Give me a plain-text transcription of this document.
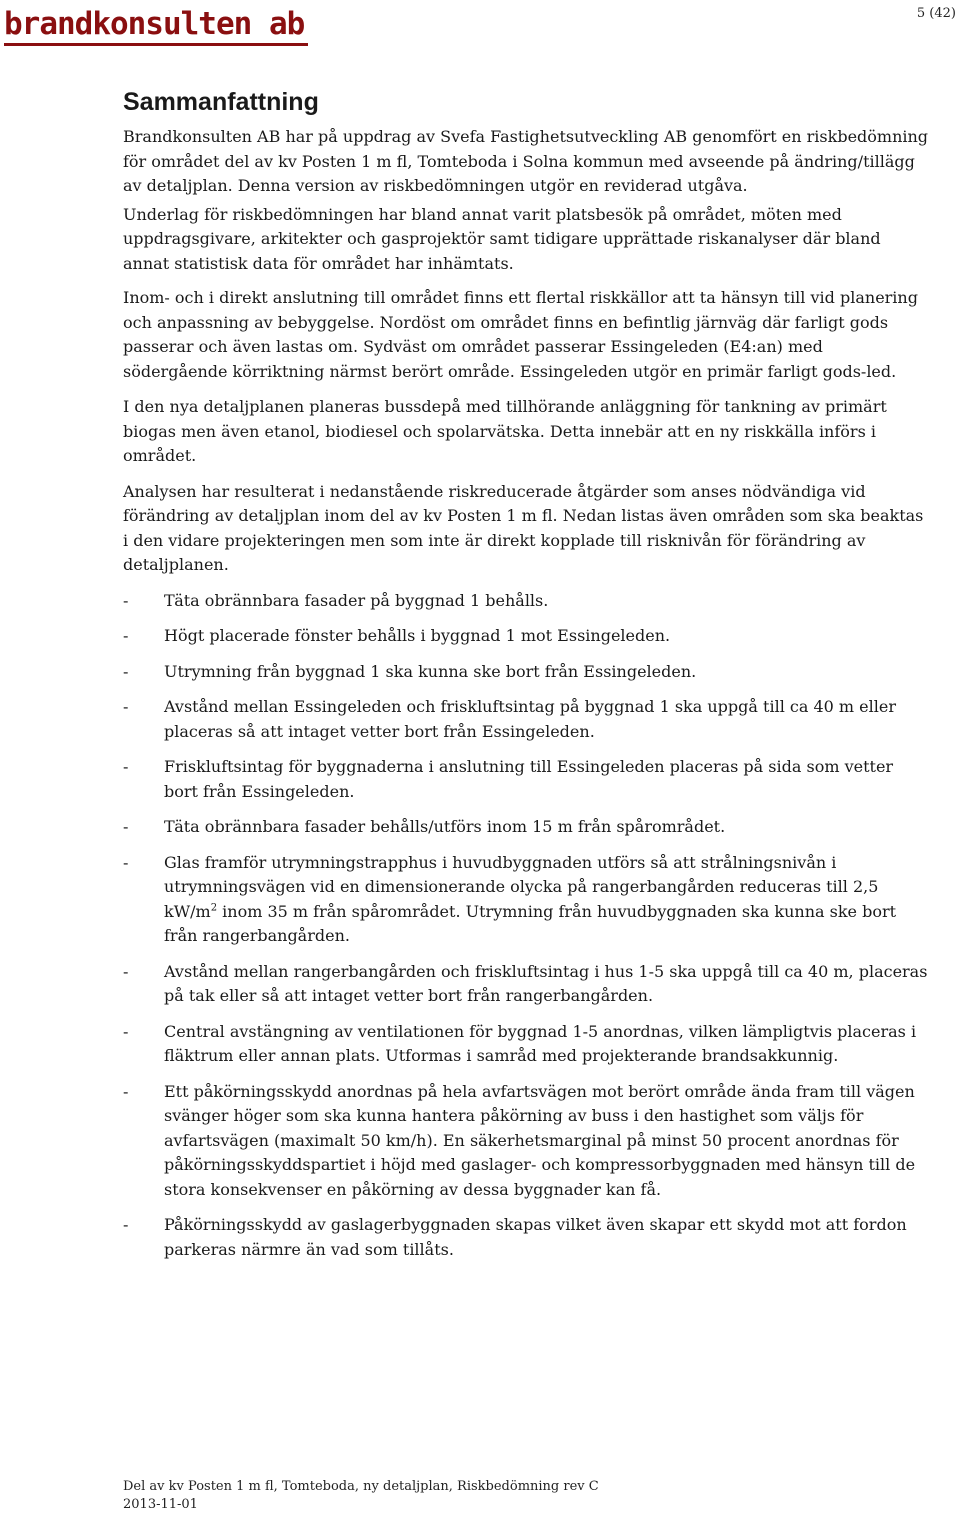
brandkonsulten ab	5 (42)
Sammanfattning

Brandkonsulten AB har på uppdrag av Svefa Fastighetsutveckling AB genomfört en riskbedömning för området del av kv Posten 1 m fl, Tomteboda i Solna kommun med avseende på ändring/tillägg av detaljplan. Denna version av riskbedömningen utgör en reviderad utgåva.

Underlag för riskbedömningen har bland annat varit platsbesök på området, möten med uppdragsgivare, arkitekter och gasprojektör samt tidigare upprättade riskanalyser där bland annat statistisk data för området har inhämtats.

Inom- och i direkt anslutning till området finns ett flertal riskkällor att ta hänsyn till vid planering och anpassning av bebyggelse. Nordöst om området finns en befintlig järnväg där farligt gods passerar och även lastas om. Sydväst om området passerar Essingeleden (E4:an) med södergående körriktning närmst berört område. Essingeleden utgör en primär farligt gods-led.

I den nya detaljplanen planeras bussdepå med tillhörande anläggning för tankning av primärt biogas men även etanol, biodiesel och spolarvätska. Detta innebär att en ny riskkälla införs i området.

Analysen har resulterat i nedanstående riskreducerade åtgärder som anses nödvändiga vid förändring av detaljplan inom del av kv Posten 1 m fl. Nedan listas även områden som ska beaktas i den vidare projekteringen men som inte är direkt kopplade till risknivån för förändring av detaljplanen.

- Täta obrännbara fasader på byggnad 1 behålls.
- Högt placerade fönster behålls i byggnad 1 mot Essingeleden.
- Utrymning från byggnad 1 ska kunna ske bort från Essingeleden.
- Avstånd mellan Essingeleden och friskluftsintag på byggnad 1 ska uppgå till ca 40 m eller placeras så att intaget vetter bort från Essingeleden.
- Friskluftsintag för byggnaderna i anslutning till Essingeleden placeras på sida som vetter bort från Essingeleden.
- Täta obrännbara fasader behålls/utförs inom 15 m från spårområdet.
- Glas framför utrymningstrapphus i huvudbyggnaden utförs så att strålningsnivån i utrymningsvägen vid en dimensionerande olycka på rangerbangården reduceras till 2,5 $kW/m^2$ inom 35 m från spårområdet. Utrymning från huvudbyggnaden ska kunna ske bort från rangerbangården.
- Avstånd mellan rangerbangården och friskluftsintag i hus 1-5 ska uppgå till ca 40 m, placeras på tak eller så att intaget vetter bort från rangerbangården.
- Central avstängning av ventilationen för byggnad 1-5 anordnas, vilken lämpligtvis placeras i fläktrum eller annan plats. Utformas i samråd med projekterande brandsakkunnig.
- Ett påkörningsskydd anordnas på hela avfartsvägen mot berört område ända fram till vägen svänger höger som ska kunna hantera påkörning av buss i den hastighet som väljs för avfartsvägen (maximalt 50 km/h). En säkerhetsmarginal på minst 50 procent anordnas för påkörningsskyddspartiet i höjd med gaslager- och kompressorbyggnaden med hänsyn till de stora konsekvenser en påkörning av dessa byggnader kan få.
- Påkörningsskydd av gaslagerbyggnaden skapas vilket även skapar ett skydd mot att fordon parkeras närmre än vad som tillåts.
Del av kv Posten 1 m fl, Tomteboda, ny detaljplan, Riskbedömning rev C
2013-11-01
